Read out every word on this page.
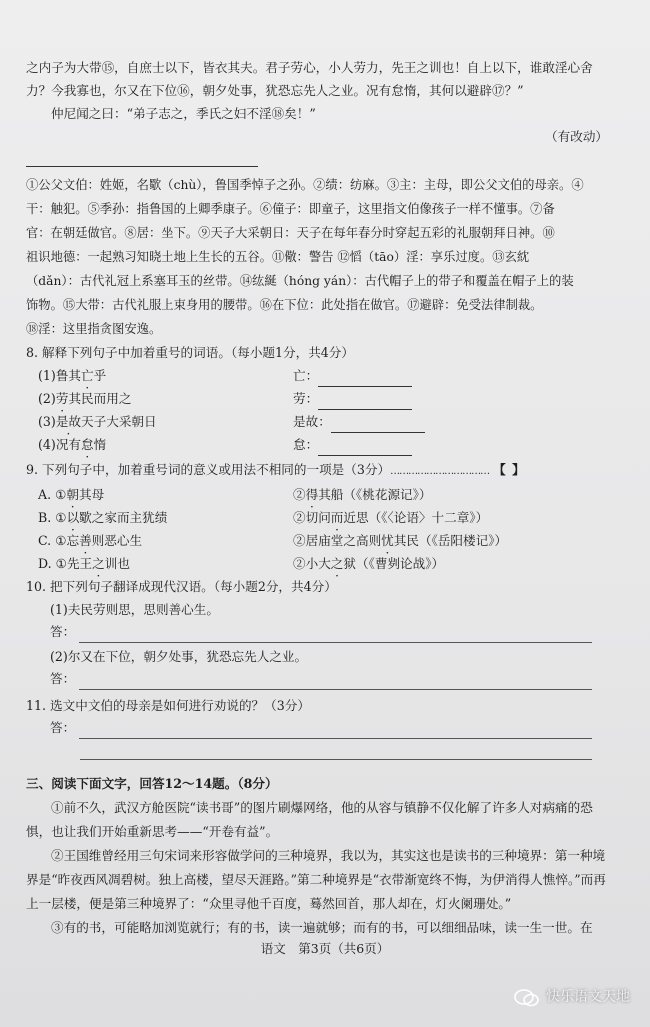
之内子为大带⑮，自庶士以下，皆衣其夫。君子劳心，小人劳力，先王之训也！自上以下，谁敢淫心舍

力？今我寡也，尔又在下位⑯，朝夕处事，犹恐忘先人之业。况有怠惰，其何以避辟⑰？”

仲尼闻之曰：“弟子志之，季氏之妇不淫⑱矣！”

（有改动）

①公父文伯：姓姬，名歜（chù），鲁国季悼子之孙。②绩：纺麻。③主：主母，即公父文伯的母亲。④

干：触犯。⑤季孙：指鲁国的上卿季康子。⑥僮子：即童子，这里指文伯像孩子一样不懂事。⑦备

官：在朝廷做官。⑧居：坐下。⑨天子大采朝日：天子在每年春分时穿起五彩的礼服朝拜日神。⑩

祖识地德：一起熟习知晓土地上生长的五谷。⑪儆：警告 ⑫慆（tāo）淫：享乐过度。⑬玄紞

（dǎn）：古代礼冠上系塞耳玉的丝带。⑭纮綖（hóng yán）：古代帽子上的带子和覆盖在帽子上的装

饰物。⑮大带：古代礼服上束身用的腰带。⑯在下位：此处指在做官。⑰避辟：免受法律制裁。

⑱淫：这里指贪图安逸。

8. 解释下列句子中加着重号的词语。（每小题1分，共4分）

(1)鲁其亡乎	亡：
(2)劳其民而用之	劳：
(3)是故天子大采朝日	是故：
(4)况有怠惰	怠：

9. 下列句子中，加着重号词的意义或用法不相同的一项是（3分）…………………………… 【 】

A. ①朝其母	②得其船（《桃花源记》）
B. ①以歜之家而主犹绩	②切问而近思（《〈论语〉十二章》）
C. ①忘善则恶心生	②居庙堂之高则忧其民（《岳阳楼记》）
D. ①先王之训也	②小大之狱（《曹刿论战》）

10. 把下列句子翻译成现代汉语。（每小题2分，共4分）

(1)夫民劳则思，思则善心生。

答：

(2)尔又在下位，朝夕处事，犹恐忘先人之业。

答：

11. 选文中文伯的母亲是如何进行劝说的？（3分）

答：

三、阅读下面文字，回答12～14题。（8分）

①前不久，武汉方舱医院“读书哥”的图片刷爆网络，他的从容与镇静不仅化解了许多人对病痛的恐惧，也让我们开始重新思考——“开卷有益”。

②王国维曾经用三句宋词来形容做学问的三种境界，我以为，其实这也是读书的三种境界：第一种境界是“昨夜西风凋碧树。独上高楼，望尽天涯路。”第二种境界是“衣带渐宽终不悔，为伊消得人憔悴。”而再上一层楼，便是第三种境界了：“众里寻他千百度，蓦然回首，那人却在，灯火阑珊处。”

③有的书，可能略加浏览就行；有的书，读一遍就够；而有的书，可以细细品味，读一生一世。在

语文　第3页（共6页）
快乐语文天地
